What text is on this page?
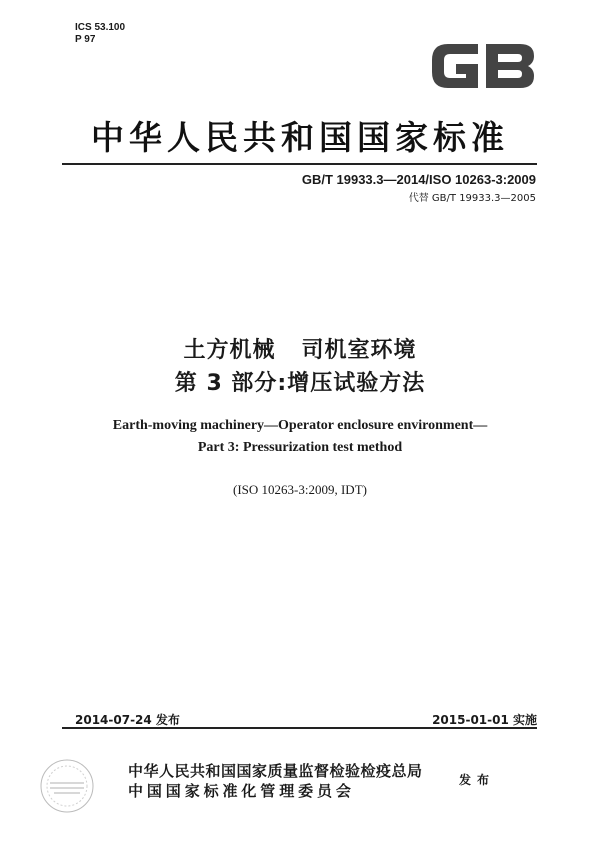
ICS 53.100
P 97
中华人民共和国国家标准
GB/T 19933.3—2014/ISO 10263-3:2009
代替 GB/T 19933.3—2005
土方机械   司机室环境
第 3 部分:增压试验方法
Earth-moving machinery—Operator enclosure environment—
Part 3: Pressurization test method
(ISO 10263-3:2009, IDT)
2014-07-24 发布	2015-01-01 实施
中华人民共和国国家质量监督检验检疫总局
中国国家标准化管理委员会
发布
